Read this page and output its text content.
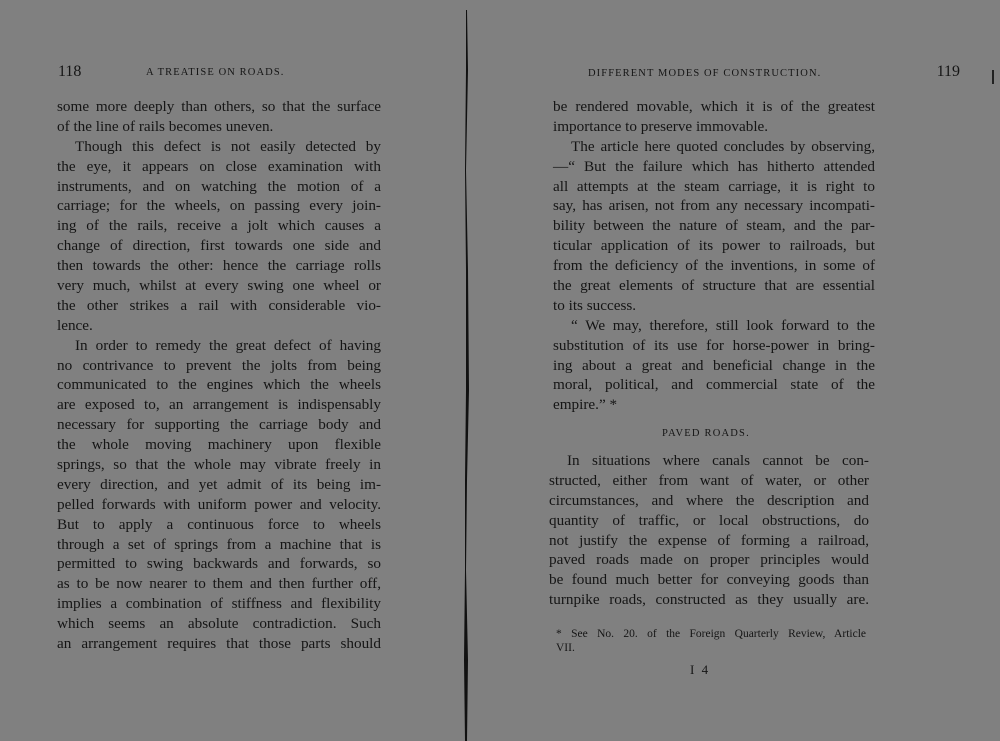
118	A TREATISE ON ROADS.
some more deeply than others, so that the surface
of the line of rails becomes uneven.
Though this defect is not easily detected by
the eye, it appears on close examination with
instruments, and on watching the motion of a
carriage; for the wheels, on passing every join-
ing of the rails, receive a jolt which causes a
change of direction, first towards one side and
then towards the other: hence the carriage rolls
very much, whilst at every swing one wheel or
the other strikes a rail with considerable vio-
lence.
In order to remedy the great defect of having
no contrivance to prevent the jolts from being
communicated to the engines which the wheels
are exposed to, an arrangement is indispensably
necessary for supporting the carriage body and
the whole moving machinery upon flexible
springs, so that the whole may vibrate freely in
every direction, and yet admit of its being im-
pelled forwards with uniform power and velocity.
But to apply a continuous force to wheels
through a set of springs from a machine that is
permitted to swing backwards and forwards, so
as to be now nearer to them and then further off,
implies a combination of stiffness and flexibility
which seems an absolute contradiction. Such
an arrangement requires that those parts should
DIFFERENT MODES OF CONSTRUCTION.	119
be rendered movable, which it is of the greatest
importance to preserve immovable.
The article here quoted concludes by observing,
—“ But the failure which has hitherto attended
all attempts at the steam carriage, it is right to
say, has arisen, not from any necessary incompati-
bility between the nature of steam, and the par-
ticular application of its power to railroads, but
from the deficiency of the inventions, in some of
the great elements of structure that are essential
to its success.
“ We may, therefore, still look forward to the
substitution of its use for horse-power in bring-
ing about a great and beneficial change in the
moral, political, and commercial state of the
empire.” *
PAVED ROADS.
In situations where canals cannot be con-
structed, either from want of water, or other
circumstances, and where the description and
quantity of traffic, or local obstructions, do
not justify the expense of forming a railroad,
paved roads made on proper principles would
be found much better for conveying goods than
turnpike roads, constructed as they usually are.
* See No. 20. of the Foreign Quarterly Review, Article
VII.
I 4
